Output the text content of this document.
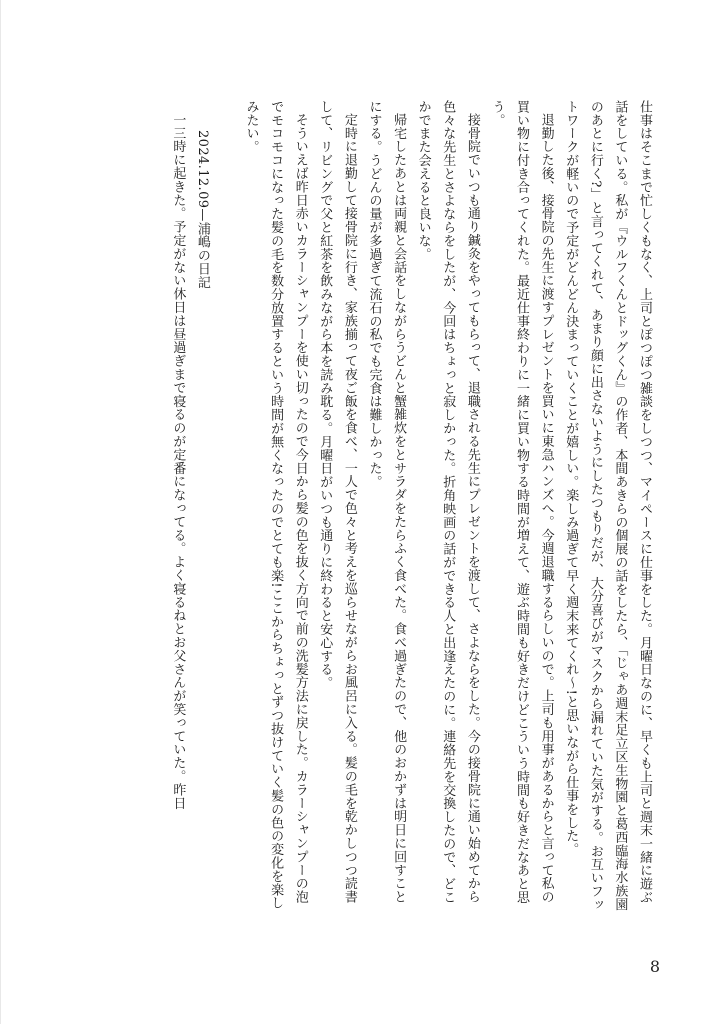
仕事はそこまで忙しくもなく、上司とぽつぽつ雑談をしつつ、マイペースに仕事をした。月曜日なのに、早くも上司と週末一緒に遊ぶ話をしている。私が『ウルフくんとドッグくん』の作者、本間あきらの個展の話をしたら、「じゃあ週末足立区生物園と葛西臨海水族園のあとに行く?」と言ってくれて、あまり顔に出さないようにしたつもりだが、大分喜びがマスクから漏れていた気がする。お互いフットワークが軽いので予定がどんどん決まっていくことが嬉しい。楽しみ過ぎて早く週末来てくれ〜!と思いながら仕事をした。

退勤した後、接骨院の先生に渡すプレゼントを買いに東急ハンズへ。今週退職するらしいので。上司も用事があるからと言って私の買い物に付き合ってくれた。最近仕事終わりに一緒に買い物する時間が増えて、遊ぶ時間も好きだけどこういう時間も好きだなあと思う。

接骨院でいつも通り鍼灸をやってもらって、退職される先生にプレゼントを渡して、さよならをした。今の接骨院に通い始めてから色々な先生とさよならをしたが、今回はちょっと寂しかった。折角映画の話ができる人と出逢えたのに。連絡先を交換したので、どこかでまた会えると良いな。

帰宅したあとは両親と会話をしながらうどんと蟹雑炊をとサラダをたらふく食べた。食べ過ぎたので、他のおかずは明日に回すことにする。うどんの量が多過ぎて流石の私でも完食は難しかった。

定時に退勤して接骨院に行き、家族揃って夜ご飯を食べ、一人で色々と考えを巡らせながらお風呂に入る。髪の毛を乾かしつつ読書して、リビングで父と紅茶を飲みながら本を読み耽る。月曜日がいつも通りに終わると安心する。

そういえば昨日赤いカラーシャンプーを使い切ったので今日から髪の色を抜く方向で前の洗髪方法に戻した。カラーシャンプーの泡でモコモコになった髪の毛を数分放置するという時間が無くなったのでとても楽!ここからちょっとずつ抜けていく髪の色の変化を楽しみたい。

2024.12.09—浦嶋の日記

一三時に起きた。予定がない休日は昼過ぎまで寝るのが定番になってる。よく寝るねとお父さんが笑っていた。昨日

8
